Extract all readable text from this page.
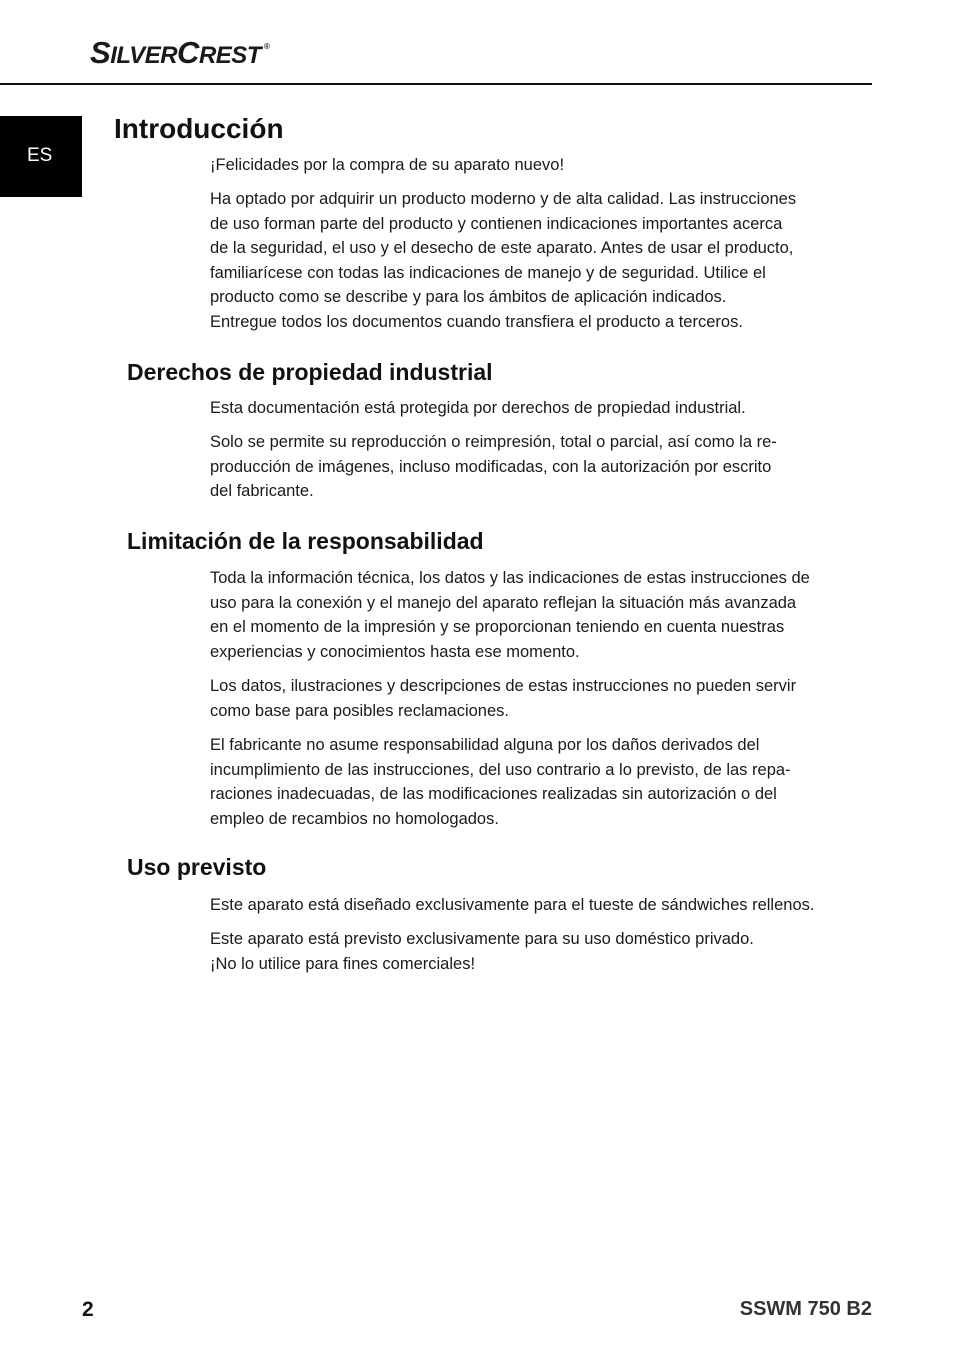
SILVERCREST ®
ES
Introducción

¡Felicidades por la compra de su aparato nuevo!

Ha optado por adquirir un producto moderno y de alta calidad. Las instrucciones
de uso forman parte del producto y contienen indicaciones importantes acerca
de la seguridad, el uso y el desecho de este aparato. Antes de usar el producto,
familiarícese con todas las indicaciones de manejo y de seguridad. Utilice el
producto como se describe y para los ámbitos de aplicación indicados.
Entregue todos los documentos cuando transfiera el producto a terceros.

Derechos de propiedad industrial

Esta documentación está protegida por derechos de propiedad industrial.

Solo se permite su reproducción o reimpresión, total o parcial, así como la re-
producción de imágenes, incluso modificadas, con la autorización por escrito
del fabricante.

Limitación de la responsabilidad

Toda la información técnica, los datos y las indicaciones de estas instrucciones de
uso para la conexión y el manejo del aparato reflejan la situación más avanzada
en el momento de la impresión y se proporcionan teniendo en cuenta nuestras
experiencias y conocimientos hasta ese momento.

Los datos, ilustraciones y descripciones de estas instrucciones no pueden servir
como base para posibles reclamaciones.

El fabricante no asume responsabilidad alguna por los daños derivados del
incumplimiento de las instrucciones, del uso contrario a lo previsto, de las repa-
raciones inadecuadas, de las modificaciones realizadas sin autorización o del
empleo de recambios no homologados.

Uso previsto

Este aparato está diseñado exclusivamente para el tueste de sándwiches rellenos.

Este aparato está previsto exclusivamente para su uso doméstico privado.
¡No lo utilice para fines comerciales!

2	SSWM 750 B2
